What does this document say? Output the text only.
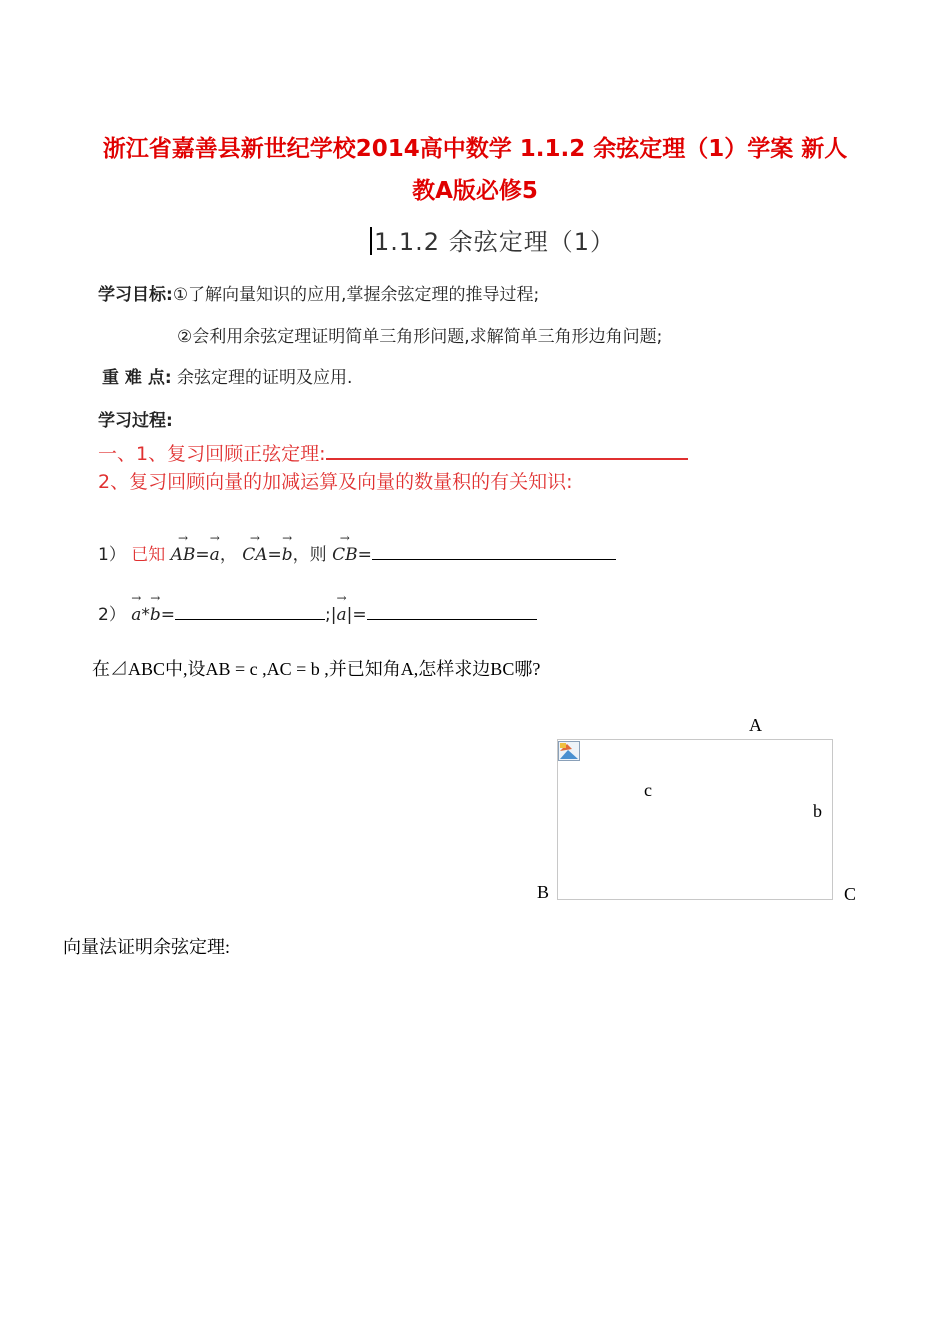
浙江省嘉善县新世纪学校2014高中数学 1.1.2 余弦定理（1）学案 新人
教A版必修5
1.1.2 余弦定理（1）
学习目标:①了解向量知识的应用,掌握余弦定理的推导过程;
②会利用余弦定理证明简单三角形问题,求解简单三角形边角问题;
重 难 点: 余弦定理的证明及应用.
学习过程:
一、1、复习回顾正弦定理:
2、复习回顾向量的加减运算及向量的数量积的有关知识:
1） 已知 → AB=→ a， → CA=→ b，则 → CB=
2） → a*→ b=	;|→ a|=
在⊿ABC中,设AB = c ,AC = b ,并已知角A,怎样求边BC哪?
A
c
b
B	C
向量法证明余弦定理:
